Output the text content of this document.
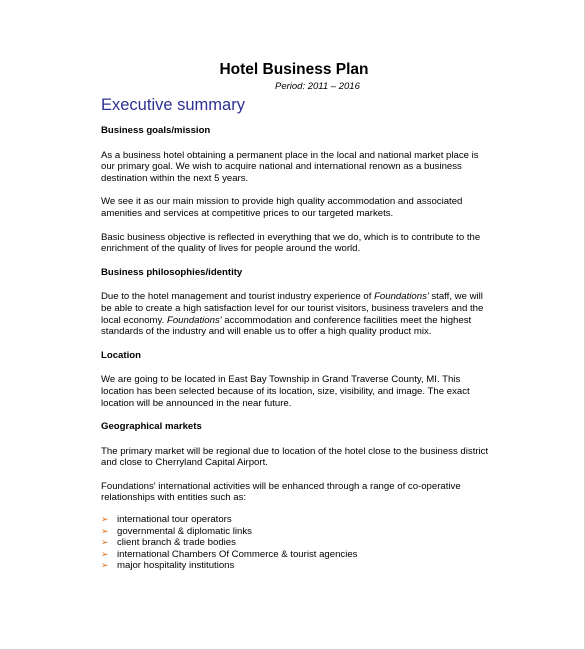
Hotel Business Plan
Period: 2011 – 2016
Executive summary
Business goals/mission

As a business hotel obtaining a permanent place in the local and national market place is our primary goal. We wish to acquire national and international renown as a business destination within the next 5 years.

We see it as our main mission to provide high quality accommodation and associated amenities and services at competitive prices to our targeted markets.

Basic business objective is reflected in everything that we do, which is to contribute to the enrichment of the quality of lives for people around the world.

Business philosophies/identity

Due to the hotel management and tourist industry experience of Foundations' staff, we will be able to create a high satisfaction level for our tourist visitors, business travelers and the local economy. Foundations' accommodation and conference facilities meet the highest standards of the industry and will enable us to offer a high quality product mix.

Location

We are going to be located in East Bay Township in Grand Traverse County, MI. This location has been selected because of its location, size, visibility, and image. The exact location will be announced in the near future.

Geographical markets

The primary market will be regional due to location of the hotel close to the business district and close to Cherryland Capital Airport.

Foundations' international activities will be enhanced through a range of co-operative relationships with entities such as:

➢ international tour operators
➢ governmental & diplomatic links
➢ client branch & trade bodies
➢ international Chambers Of Commerce & tourist agencies
➢ major hospitality institutions
